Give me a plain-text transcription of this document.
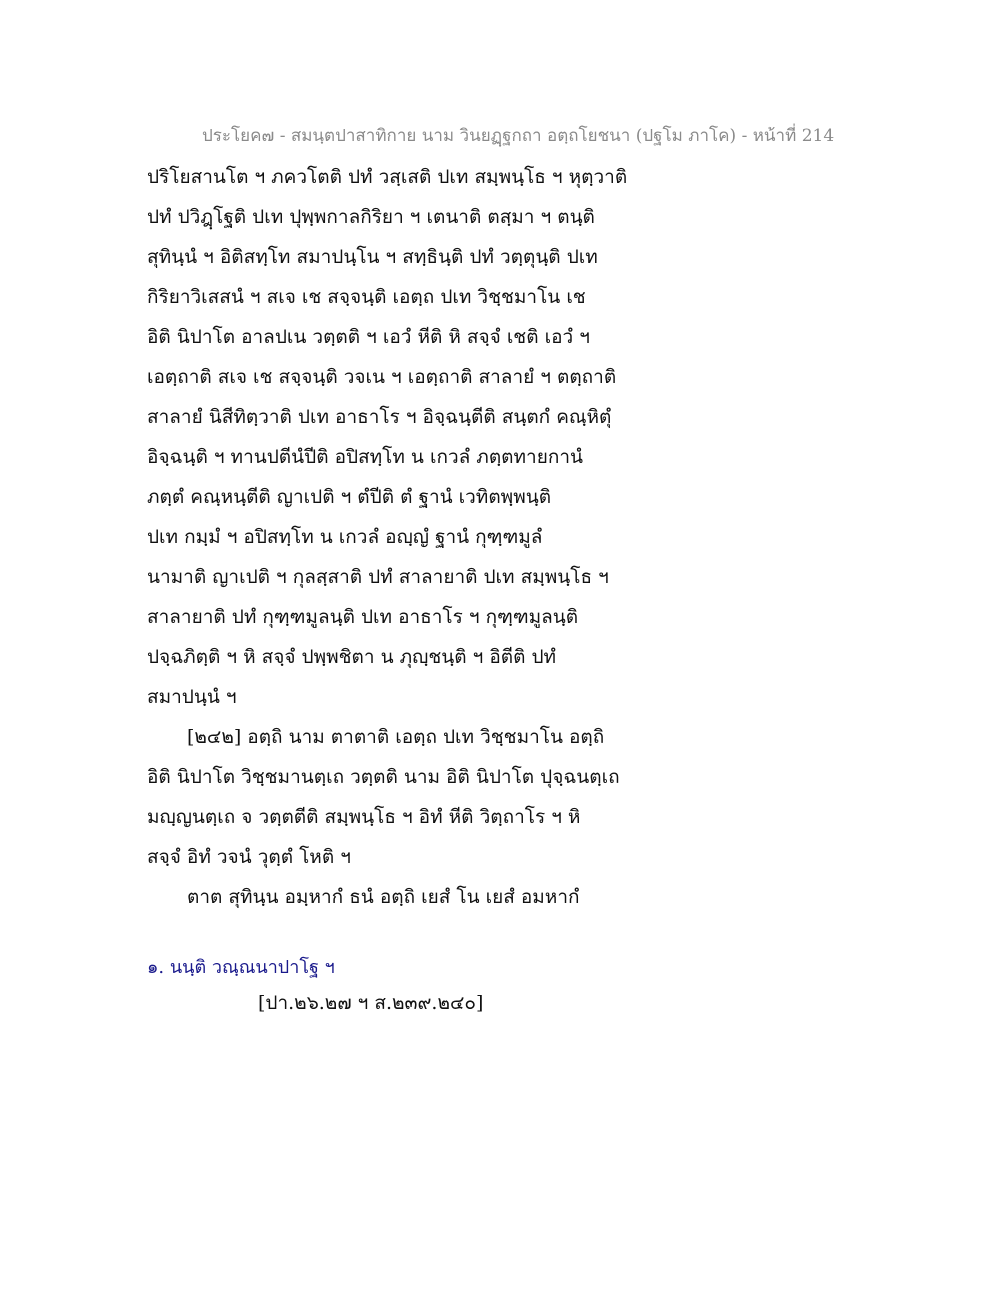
ประโยค๗ - สมนฺตปาสาทิกาย นาม วินยฏฺฐกถา อตฺถโยชนา (ปฐโม ภาโค) - หน้าที่ 214
ปริโยสานโต ฯ ภควโตติ ปทํ วสฺเสติ ปเท สมฺพนฺโธ ฯ หุตฺวาติ
ปทํ ปวิฎฺโฐติ ปเท ปุพฺพกาลกิริยา ฯ เตนาติ ตสฺมา ฯ ตนฺติ
สุทินฺนํ ฯ อิติสทฺโท สมาปนฺโน ฯ สทฺธินฺติ ปทํ วตฺตุนฺติ ปเท
กิริยาวิเสสนํ ฯ สเจ เช สจฺจนฺติ เอตฺถ ปเท วิชฺชมาโน เช
อิติ นิปาโต อาลปเน วตฺตติ ฯ เอวํ หีติ หิ สจฺจํ เชติ เอวํ ฯ
เอตฺถาติ สเจ เช สจฺจนฺติ วจเน ฯ เอตฺถาติ สาลายํ ฯ ตตฺถาติ
สาลายํ นิสีทิตฺวาติ ปเท อาธาโร ฯ อิจฺฉนฺตีติ สนฺตกํ คณฺหิตุํ
อิจฺฉนฺติ ฯ ทานปตีนํปีติ อปิสทฺโท น เกวลํ ภตฺตทายกานํ
ภตฺตํ คณฺหนฺตีติ ญาเปติ ฯ ตํปีติ ตํ ฐานํ เวทิตพฺพนฺติ
ปเท กมฺมํ ฯ อปิสทฺโท น เกวลํ อญฺญํ ฐานํ กุฑฺฑมูลํ
นามาติ ญาเปติ ฯ กุลสฺสาติ ปทํ สาลายาติ ปเท สมฺพนฺโธ ฯ
สาลายาติ ปทํ กุฑฺฑมูลนฺติ ปเท อาธาโร ฯ กุฑฺฑมูลนฺติ
ปจฺฉภิตฺติ ฯ หิ สจฺจํ ปพฺพชิตา น ภุญฺชนฺติ ฯ อิตีติ ปทํ
สมาปนฺนํ ฯ
[๒๔๒] อตฺถิ นาม ตาตาติ เอตฺถ ปเท วิชฺชมาโน อตฺถิ
อิติ นิปาโต วิชฺชมานตฺเถ วตฺตติ นาม อิติ นิปาโต ปุจฺฉนตฺเถ
มญฺญนตฺเถ จ วตฺตตีติ สมฺพนฺโธ ฯ อิทํ หีติ วิตฺถาโร ฯ หิ
สจฺจํ อิทํ วจนํ วุตฺตํ โหติ ฯ
ตาต สุทินฺน อมฺหากํ ธนํ อตฺถิ เยสํ โน เยสํ อมหากํ
๑. นนฺติ วณฺณนาปาโฐ ฯ
[ปา.๒๖.๒๗ ฯ ส.๒๓๙.๒๔๐]
